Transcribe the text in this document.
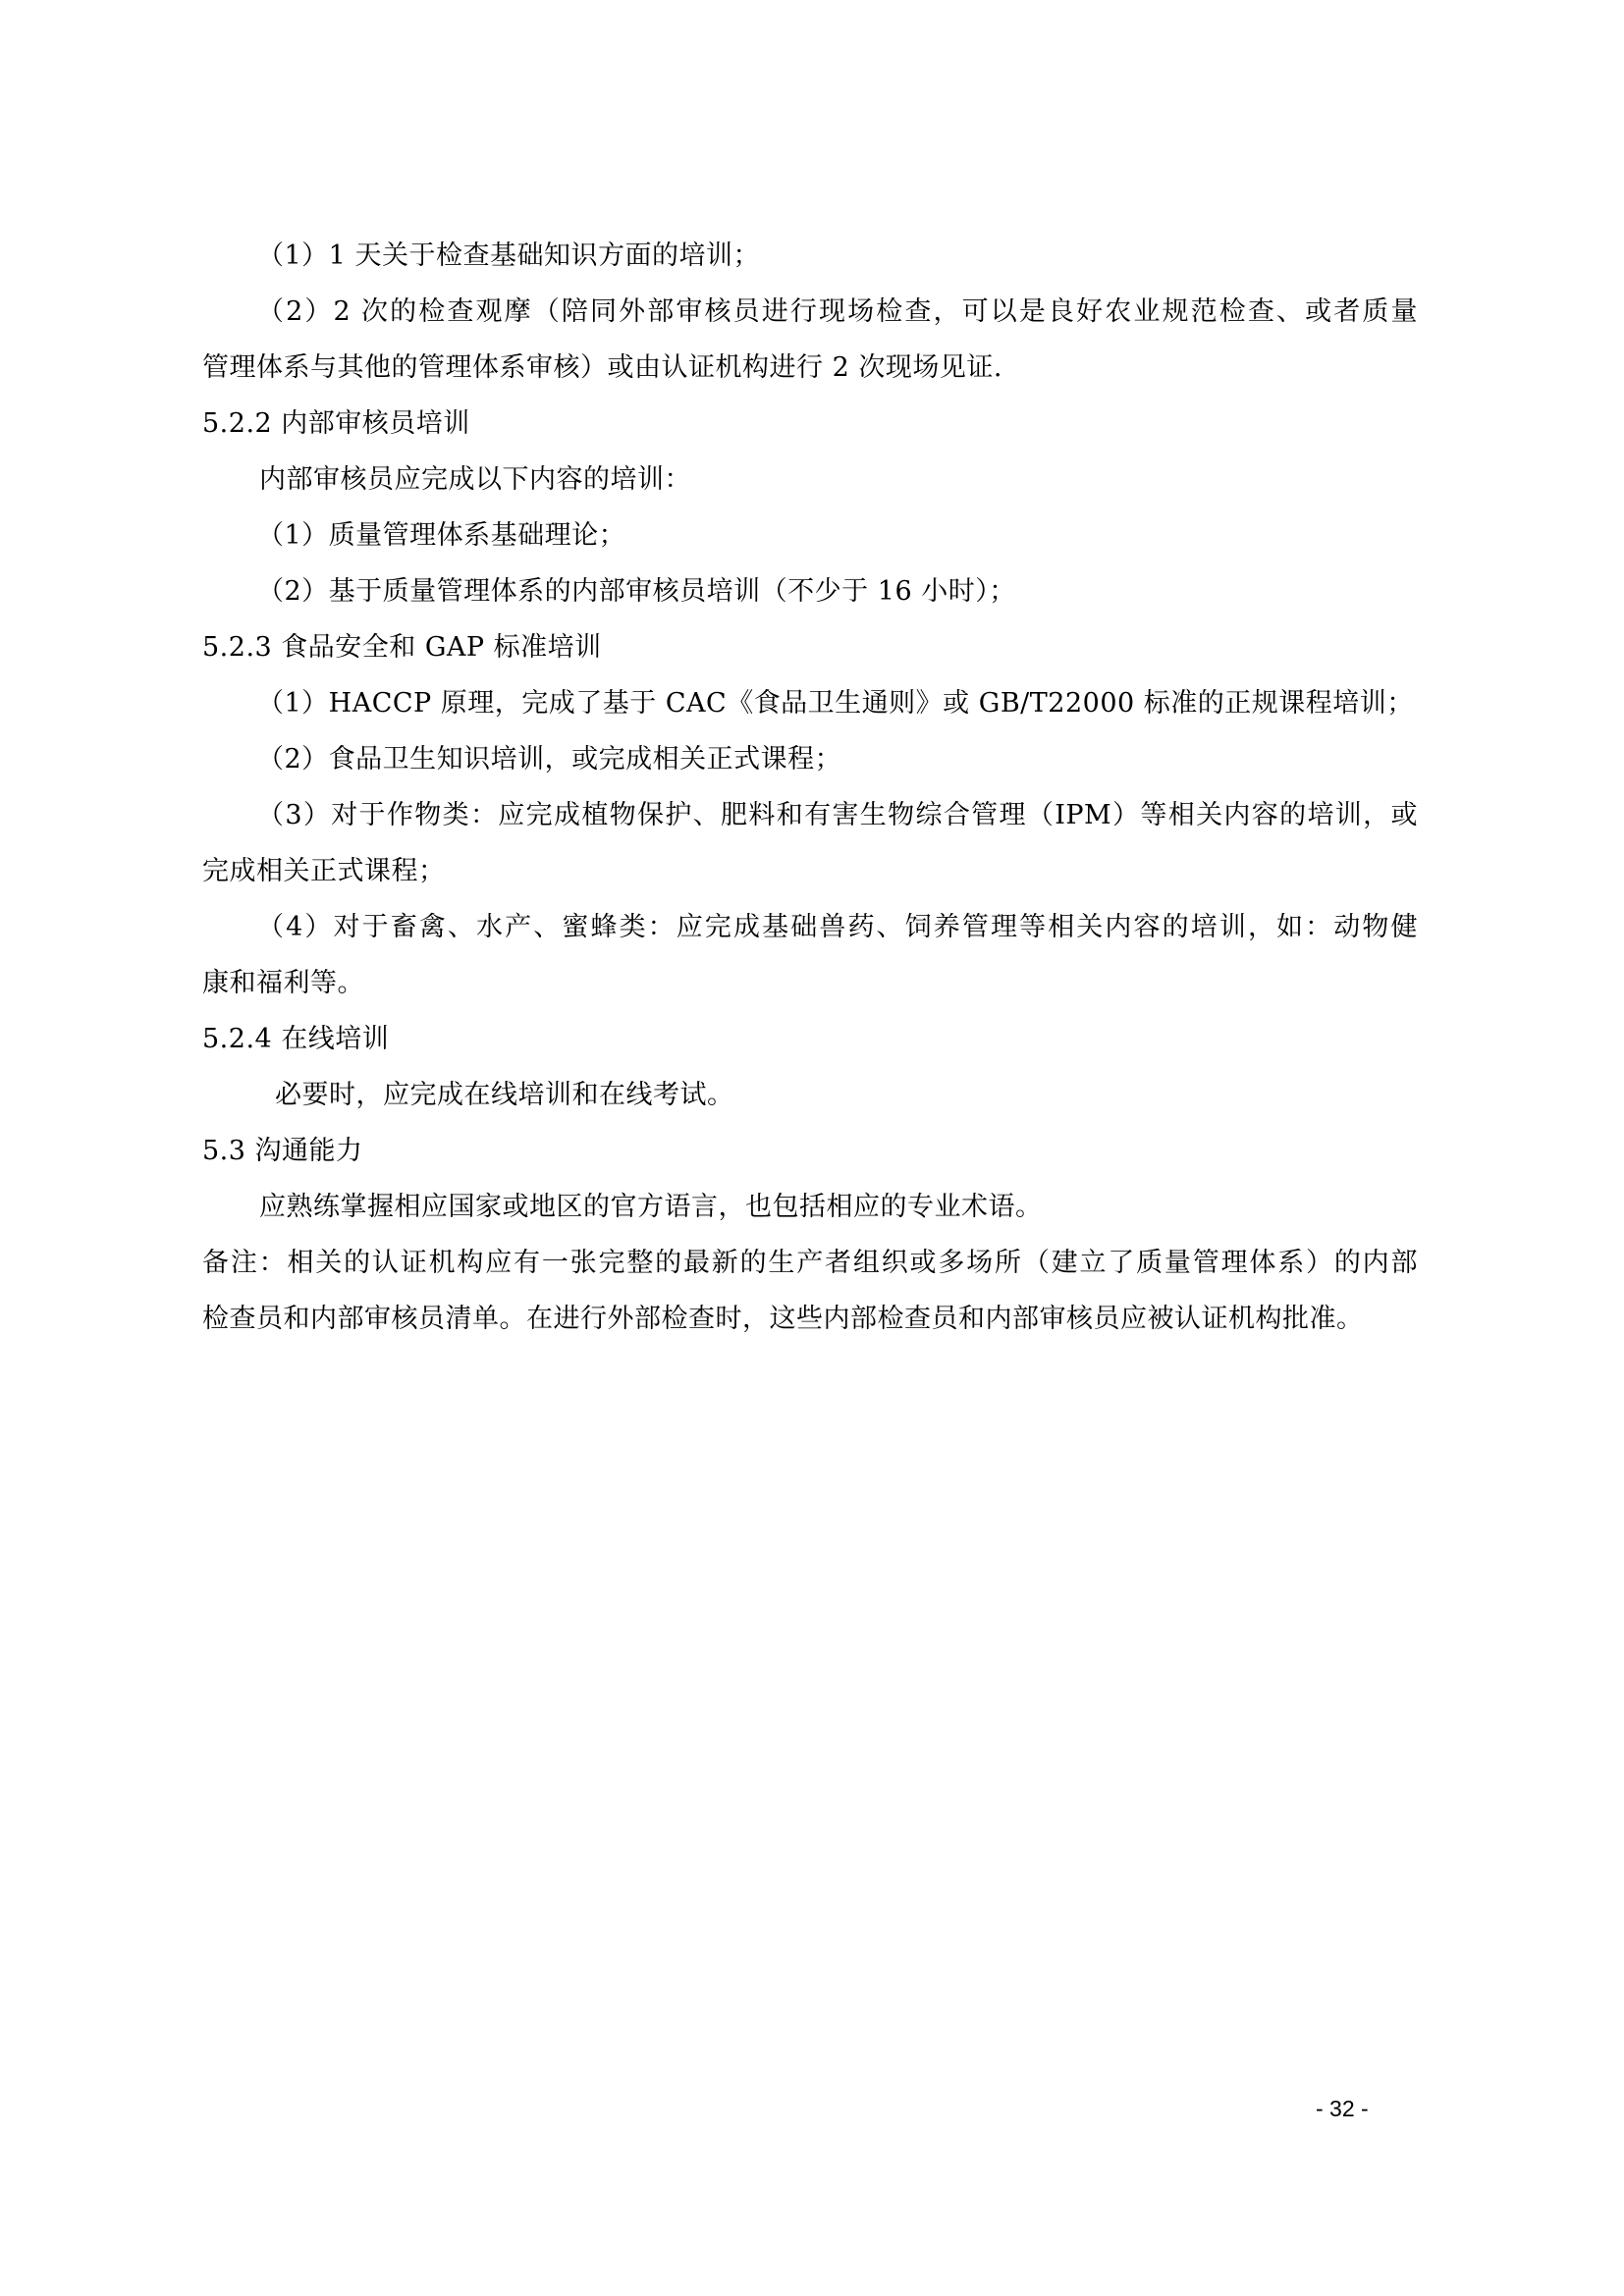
（1）1 天关于检查基础知识方面的培训；
（2）2 次的检查观摩（陪同外部审核员进行现场检查，可以是良好农业规范检查、或者质量
管理体系与其他的管理体系审核）或由认证机构进行 2 次现场见证.
5.2.2 内部审核员培训
内部审核员应完成以下内容的培训：
（1）质量管理体系基础理论；
（2）基于质量管理体系的内部审核员培训（不少于 16 小时）；
5.2.3 食品安全和 GAP 标准培训
（1）HACCP 原理，完成了基于 CAC《食品卫生通则》或 GB/T22000 标准的正规课程培训；
（2）食品卫生知识培训，或完成相关正式课程；
（3）对于作物类：应完成植物保护、肥料和有害生物综合管理（IPM）等相关内容的培训，或
完成相关正式课程；
（4）对于畜禽、水产、蜜蜂类：应完成基础兽药、饲养管理等相关内容的培训，如：动物健
康和福利等。
5.2.4 在线培训
必要时，应完成在线培训和在线考试。
5.3 沟通能力
应熟练掌握相应国家或地区的官方语言，也包括相应的专业术语。
备注：相关的认证机构应有一张完整的最新的生产者组织或多场所（建立了质量管理体系）的内部
检查员和内部审核员清单。在进行外部检查时，这些内部检查员和内部审核员应被认证机构批准。
- 32 -
